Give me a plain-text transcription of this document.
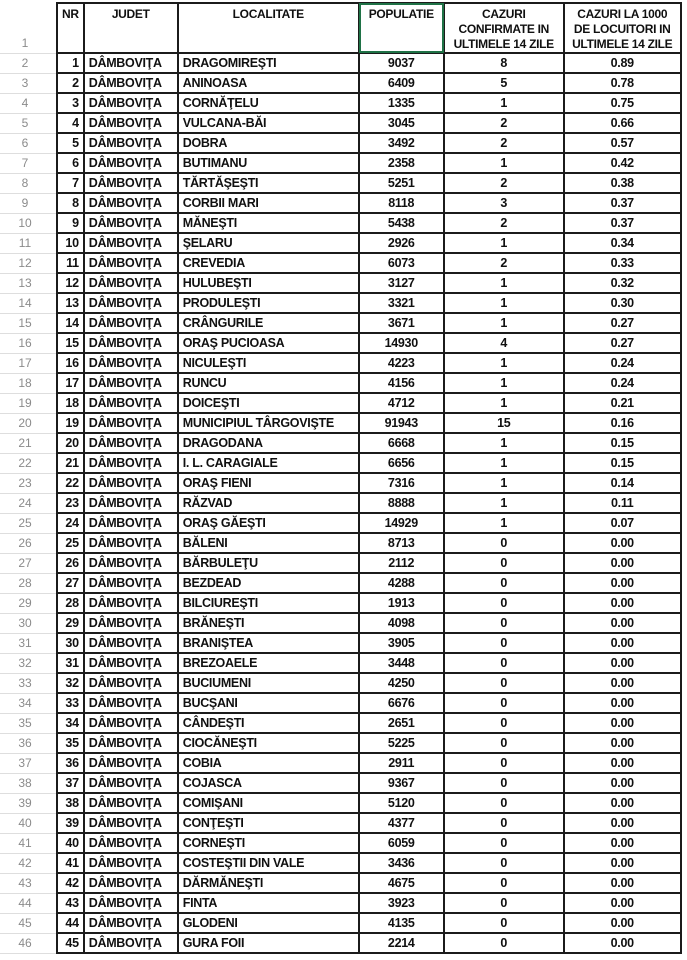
1	NR	JUDET	LOCALITATE	POPULATIE	CAZURI CONFIRMATE IN ULTIMELE 14 ZILE	CAZURI LA 1000 DE LOCUITORI IN ULTIMELE 14 ZILE
2	1	DÂMBOVIŢA	DRAGOMIREŞTI	9037	8	0.89
3	2	DÂMBOVIŢA	ANINOASA	6409	5	0.78
4	3	DÂMBOVIŢA	CORNĂŢELU	1335	1	0.75
5	4	DÂMBOVIŢA	VULCANA-BĂI	3045	2	0.66
6	5	DÂMBOVIŢA	DOBRA	3492	2	0.57
7	6	DÂMBOVIŢA	BUTIMANU	2358	1	0.42
8	7	DÂMBOVIŢA	TĂRTĂŞEŞTI	5251	2	0.38
9	8	DÂMBOVIŢA	CORBII MARI	8118	3	0.37
10	9	DÂMBOVIŢA	MĂNEŞTI	5438	2	0.37
11	10	DÂMBOVIŢA	ŞELARU	2926	1	0.34
12	11	DÂMBOVIŢA	CREVEDIA	6073	2	0.33
13	12	DÂMBOVIŢA	HULUBEŞTI	3127	1	0.32
14	13	DÂMBOVIŢA	PRODULEŞTI	3321	1	0.30
15	14	DÂMBOVIŢA	CRÂNGURILE	3671	1	0.27
16	15	DÂMBOVIŢA	ORAŞ PUCIOASA	14930	4	0.27
17	16	DÂMBOVIŢA	NICULEŞTI	4223	1	0.24
18	17	DÂMBOVIŢA	RUNCU	4156	1	0.24
19	18	DÂMBOVIŢA	DOICEŞTI	4712	1	0.21
20	19	DÂMBOVIŢA	MUNICIPIUL TÂRGOVIŞTE	91943	15	0.16
21	20	DÂMBOVIŢA	DRAGODANA	6668	1	0.15
22	21	DÂMBOVIŢA	I. L. CARAGIALE	6656	1	0.15
23	22	DÂMBOVIŢA	ORAŞ FIENI	7316	1	0.14
24	23	DÂMBOVIŢA	RĂZVAD	8888	1	0.11
25	24	DÂMBOVIŢA	ORAŞ GĂEŞTI	14929	1	0.07
26	25	DÂMBOVIŢA	BĂLENI	8713	0	0.00
27	26	DÂMBOVIŢA	BĂRBULEŢU	2112	0	0.00
28	27	DÂMBOVIŢA	BEZDEAD	4288	0	0.00
29	28	DÂMBOVIŢA	BILCIUREŞTI	1913	0	0.00
30	29	DÂMBOVIŢA	BRĂNEŞTI	4098	0	0.00
31	30	DÂMBOVIŢA	BRANIŞTEA	3905	0	0.00
32	31	DÂMBOVIŢA	BREZOAELE	3448	0	0.00
33	32	DÂMBOVIŢA	BUCIUMENI	4250	0	0.00
34	33	DÂMBOVIŢA	BUCŞANI	6676	0	0.00
35	34	DÂMBOVIŢA	CÂNDEŞTI	2651	0	0.00
36	35	DÂMBOVIŢA	CIOCĂNEŞTI	5225	0	0.00
37	36	DÂMBOVIŢA	COBIA	2911	0	0.00
38	37	DÂMBOVIŢA	COJASCA	9367	0	0.00
39	38	DÂMBOVIŢA	COMIŞANI	5120	0	0.00
40	39	DÂMBOVIŢA	CONŢEŞTI	4377	0	0.00
41	40	DÂMBOVIŢA	CORNEŞTI	6059	0	0.00
42	41	DÂMBOVIŢA	COSTEŞTII DIN VALE	3436	0	0.00
43	42	DÂMBOVIŢA	DĂRMĂNEŞTI	4675	0	0.00
44	43	DÂMBOVIŢA	FINTA	3923	0	0.00
45	44	DÂMBOVIŢA	GLODENI	4135	0	0.00
46	45	DÂMBOVIŢA	GURA FOII	2214	0	0.00
